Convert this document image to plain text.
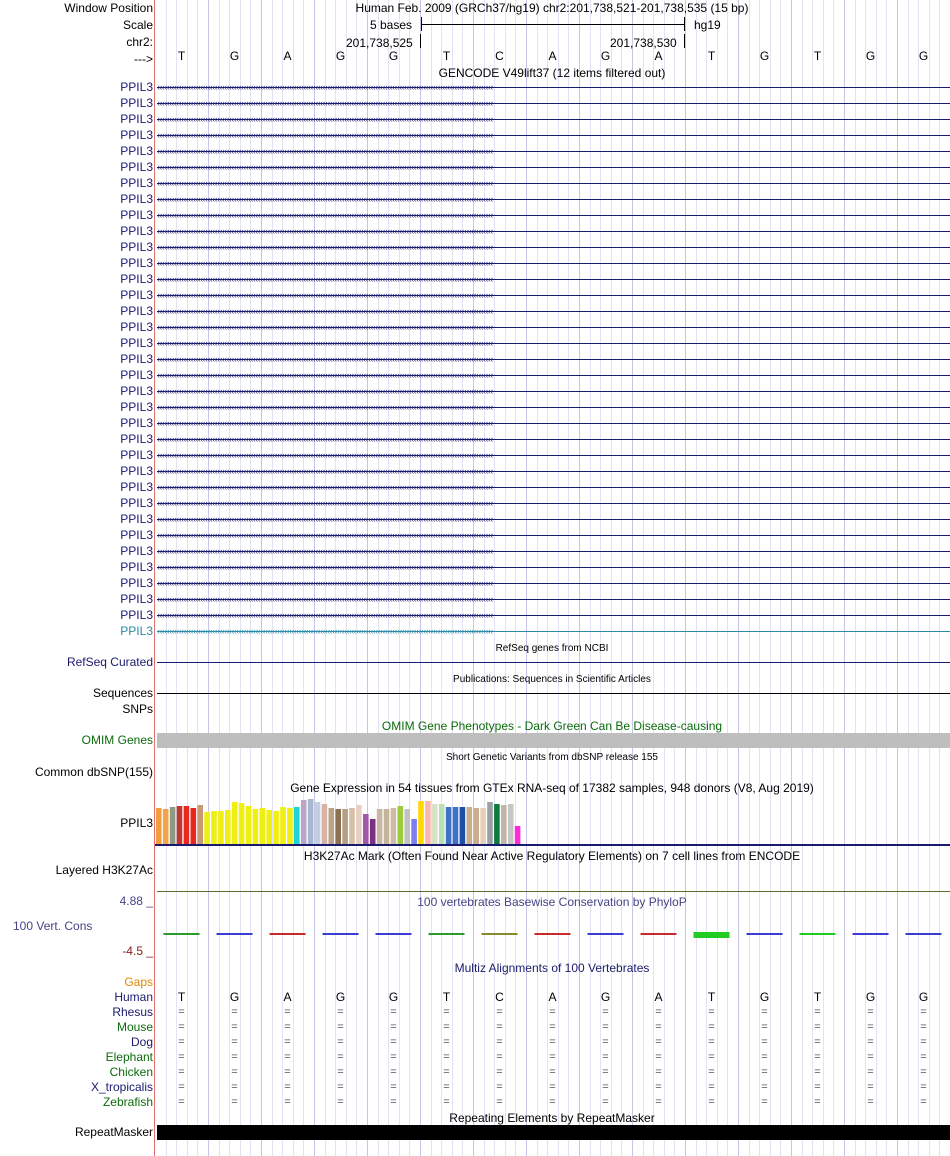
Window Position
Scale
chr2:
--->
Human Feb. 2009 (GRCh37/hg19) chr2:201,738,521-201,738,535 (15 bp)
5 bases	hg19
201,738,525	201,738,530
GENCODE V49lift37 (12 items filtered out)
RefSeq genes from NCBI
RefSeq Curated
Publications: Sequences in Scientific Articles
Sequences
SNPs
OMIM Gene Phenotypes - Dark Green Can Be Disease-causing
OMIM Genes
Short Genetic Variants from dbSNP release 155
Common dbSNP(155)
Gene Expression in 54 tissues from GTEx RNA-seq of 17382 samples, 948 donors (V8, Aug 2019)
PPIL3
H3K27Ac Mark (Often Found Near Active Regulatory Elements) on 7 cell lines from ENCODE
Layered H3K27Ac
4.88 _	100 vertebrates Basewise Conservation by PhyloP
100 Vert. Cons
-4.5 _
Multiz Alignments of 100 Vertebrates
Gaps
Repeating Elements by RepeatMasker
RepeatMasker
T	G	A	G	G	T	C	A	G	A	T	G	T	G	G
PPIL3 ‹‹‹‹‹‹‹‹‹‹‹‹‹‹‹‹‹‹‹‹‹‹‹‹‹‹‹‹‹‹‹‹‹‹‹‹‹‹‹‹‹‹‹‹‹‹‹‹‹‹‹‹‹‹‹‹‹‹‹‹‹‹‹‹‹‹‹‹‹‹‹‹‹‹‹‹‹‹‹‹‹‹‹‹‹‹‹‹‹‹‹‹‹‹‹‹‹‹‹‹‹‹‹‹‹‹‹‹‹‹‹‹‹‹‹‹‹‹‹‹‹‹‹‹‹‹‹‹‹‹‹‹‹‹‹‹‹‹‹‹
PPIL3 ‹‹‹‹‹‹‹‹‹‹‹‹‹‹‹‹‹‹‹‹‹‹‹‹‹‹‹‹‹‹‹‹‹‹‹‹‹‹‹‹‹‹‹‹‹‹‹‹‹‹‹‹‹‹‹‹‹‹‹‹‹‹‹‹‹‹‹‹‹‹‹‹‹‹‹‹‹‹‹‹‹‹‹‹‹‹‹‹‹‹‹‹‹‹‹‹‹‹‹‹‹‹‹‹‹‹‹‹‹‹‹‹‹‹‹‹‹‹‹‹‹‹‹‹‹‹‹‹‹‹‹‹‹‹‹‹‹‹‹‹
PPIL3 ‹‹‹‹‹‹‹‹‹‹‹‹‹‹‹‹‹‹‹‹‹‹‹‹‹‹‹‹‹‹‹‹‹‹‹‹‹‹‹‹‹‹‹‹‹‹‹‹‹‹‹‹‹‹‹‹‹‹‹‹‹‹‹‹‹‹‹‹‹‹‹‹‹‹‹‹‹‹‹‹‹‹‹‹‹‹‹‹‹‹‹‹‹‹‹‹‹‹‹‹‹‹‹‹‹‹‹‹‹‹‹‹‹‹‹‹‹‹‹‹‹‹‹‹‹‹‹‹‹‹‹‹‹‹‹‹‹‹‹‹
PPIL3 ‹‹‹‹‹‹‹‹‹‹‹‹‹‹‹‹‹‹‹‹‹‹‹‹‹‹‹‹‹‹‹‹‹‹‹‹‹‹‹‹‹‹‹‹‹‹‹‹‹‹‹‹‹‹‹‹‹‹‹‹‹‹‹‹‹‹‹‹‹‹‹‹‹‹‹‹‹‹‹‹‹‹‹‹‹‹‹‹‹‹‹‹‹‹‹‹‹‹‹‹‹‹‹‹‹‹‹‹‹‹‹‹‹‹‹‹‹‹‹‹‹‹‹‹‹‹‹‹‹‹‹‹‹‹‹‹‹‹‹‹
PPIL3 ‹‹‹‹‹‹‹‹‹‹‹‹‹‹‹‹‹‹‹‹‹‹‹‹‹‹‹‹‹‹‹‹‹‹‹‹‹‹‹‹‹‹‹‹‹‹‹‹‹‹‹‹‹‹‹‹‹‹‹‹‹‹‹‹‹‹‹‹‹‹‹‹‹‹‹‹‹‹‹‹‹‹‹‹‹‹‹‹‹‹‹‹‹‹‹‹‹‹‹‹‹‹‹‹‹‹‹‹‹‹‹‹‹‹‹‹‹‹‹‹‹‹‹‹‹‹‹‹‹‹‹‹‹‹‹‹‹‹‹‹
PPIL3 ‹‹‹‹‹‹‹‹‹‹‹‹‹‹‹‹‹‹‹‹‹‹‹‹‹‹‹‹‹‹‹‹‹‹‹‹‹‹‹‹‹‹‹‹‹‹‹‹‹‹‹‹‹‹‹‹‹‹‹‹‹‹‹‹‹‹‹‹‹‹‹‹‹‹‹‹‹‹‹‹‹‹‹‹‹‹‹‹‹‹‹‹‹‹‹‹‹‹‹‹‹‹‹‹‹‹‹‹‹‹‹‹‹‹‹‹‹‹‹‹‹‹‹‹‹‹‹‹‹‹‹‹‹‹‹‹‹‹‹‹
PPIL3 ‹‹‹‹‹‹‹‹‹‹‹‹‹‹‹‹‹‹‹‹‹‹‹‹‹‹‹‹‹‹‹‹‹‹‹‹‹‹‹‹‹‹‹‹‹‹‹‹‹‹‹‹‹‹‹‹‹‹‹‹‹‹‹‹‹‹‹‹‹‹‹‹‹‹‹‹‹‹‹‹‹‹‹‹‹‹‹‹‹‹‹‹‹‹‹‹‹‹‹‹‹‹‹‹‹‹‹‹‹‹‹‹‹‹‹‹‹‹‹‹‹‹‹‹‹‹‹‹‹‹‹‹‹‹‹‹‹‹‹‹
PPIL3 ‹‹‹‹‹‹‹‹‹‹‹‹‹‹‹‹‹‹‹‹‹‹‹‹‹‹‹‹‹‹‹‹‹‹‹‹‹‹‹‹‹‹‹‹‹‹‹‹‹‹‹‹‹‹‹‹‹‹‹‹‹‹‹‹‹‹‹‹‹‹‹‹‹‹‹‹‹‹‹‹‹‹‹‹‹‹‹‹‹‹‹‹‹‹‹‹‹‹‹‹‹‹‹‹‹‹‹‹‹‹‹‹‹‹‹‹‹‹‹‹‹‹‹‹‹‹‹‹‹‹‹‹‹‹‹‹‹‹‹‹
PPIL3 ‹‹‹‹‹‹‹‹‹‹‹‹‹‹‹‹‹‹‹‹‹‹‹‹‹‹‹‹‹‹‹‹‹‹‹‹‹‹‹‹‹‹‹‹‹‹‹‹‹‹‹‹‹‹‹‹‹‹‹‹‹‹‹‹‹‹‹‹‹‹‹‹‹‹‹‹‹‹‹‹‹‹‹‹‹‹‹‹‹‹‹‹‹‹‹‹‹‹‹‹‹‹‹‹‹‹‹‹‹‹‹‹‹‹‹‹‹‹‹‹‹‹‹‹‹‹‹‹‹‹‹‹‹‹‹‹‹‹‹‹
PPIL3 ‹‹‹‹‹‹‹‹‹‹‹‹‹‹‹‹‹‹‹‹‹‹‹‹‹‹‹‹‹‹‹‹‹‹‹‹‹‹‹‹‹‹‹‹‹‹‹‹‹‹‹‹‹‹‹‹‹‹‹‹‹‹‹‹‹‹‹‹‹‹‹‹‹‹‹‹‹‹‹‹‹‹‹‹‹‹‹‹‹‹‹‹‹‹‹‹‹‹‹‹‹‹‹‹‹‹‹‹‹‹‹‹‹‹‹‹‹‹‹‹‹‹‹‹‹‹‹‹‹‹‹‹‹‹‹‹‹‹‹‹
PPIL3 ‹‹‹‹‹‹‹‹‹‹‹‹‹‹‹‹‹‹‹‹‹‹‹‹‹‹‹‹‹‹‹‹‹‹‹‹‹‹‹‹‹‹‹‹‹‹‹‹‹‹‹‹‹‹‹‹‹‹‹‹‹‹‹‹‹‹‹‹‹‹‹‹‹‹‹‹‹‹‹‹‹‹‹‹‹‹‹‹‹‹‹‹‹‹‹‹‹‹‹‹‹‹‹‹‹‹‹‹‹‹‹‹‹‹‹‹‹‹‹‹‹‹‹‹‹‹‹‹‹‹‹‹‹‹‹‹‹‹‹‹
PPIL3 ‹‹‹‹‹‹‹‹‹‹‹‹‹‹‹‹‹‹‹‹‹‹‹‹‹‹‹‹‹‹‹‹‹‹‹‹‹‹‹‹‹‹‹‹‹‹‹‹‹‹‹‹‹‹‹‹‹‹‹‹‹‹‹‹‹‹‹‹‹‹‹‹‹‹‹‹‹‹‹‹‹‹‹‹‹‹‹‹‹‹‹‹‹‹‹‹‹‹‹‹‹‹‹‹‹‹‹‹‹‹‹‹‹‹‹‹‹‹‹‹‹‹‹‹‹‹‹‹‹‹‹‹‹‹‹‹‹‹‹‹
PPIL3 ‹‹‹‹‹‹‹‹‹‹‹‹‹‹‹‹‹‹‹‹‹‹‹‹‹‹‹‹‹‹‹‹‹‹‹‹‹‹‹‹‹‹‹‹‹‹‹‹‹‹‹‹‹‹‹‹‹‹‹‹‹‹‹‹‹‹‹‹‹‹‹‹‹‹‹‹‹‹‹‹‹‹‹‹‹‹‹‹‹‹‹‹‹‹‹‹‹‹‹‹‹‹‹‹‹‹‹‹‹‹‹‹‹‹‹‹‹‹‹‹‹‹‹‹‹‹‹‹‹‹‹‹‹‹‹‹‹‹‹‹
PPIL3 ‹‹‹‹‹‹‹‹‹‹‹‹‹‹‹‹‹‹‹‹‹‹‹‹‹‹‹‹‹‹‹‹‹‹‹‹‹‹‹‹‹‹‹‹‹‹‹‹‹‹‹‹‹‹‹‹‹‹‹‹‹‹‹‹‹‹‹‹‹‹‹‹‹‹‹‹‹‹‹‹‹‹‹‹‹‹‹‹‹‹‹‹‹‹‹‹‹‹‹‹‹‹‹‹‹‹‹‹‹‹‹‹‹‹‹‹‹‹‹‹‹‹‹‹‹‹‹‹‹‹‹‹‹‹‹‹‹‹‹‹
PPIL3 ‹‹‹‹‹‹‹‹‹‹‹‹‹‹‹‹‹‹‹‹‹‹‹‹‹‹‹‹‹‹‹‹‹‹‹‹‹‹‹‹‹‹‹‹‹‹‹‹‹‹‹‹‹‹‹‹‹‹‹‹‹‹‹‹‹‹‹‹‹‹‹‹‹‹‹‹‹‹‹‹‹‹‹‹‹‹‹‹‹‹‹‹‹‹‹‹‹‹‹‹‹‹‹‹‹‹‹‹‹‹‹‹‹‹‹‹‹‹‹‹‹‹‹‹‹‹‹‹‹‹‹‹‹‹‹‹‹‹‹‹
PPIL3 ‹‹‹‹‹‹‹‹‹‹‹‹‹‹‹‹‹‹‹‹‹‹‹‹‹‹‹‹‹‹‹‹‹‹‹‹‹‹‹‹‹‹‹‹‹‹‹‹‹‹‹‹‹‹‹‹‹‹‹‹‹‹‹‹‹‹‹‹‹‹‹‹‹‹‹‹‹‹‹‹‹‹‹‹‹‹‹‹‹‹‹‹‹‹‹‹‹‹‹‹‹‹‹‹‹‹‹‹‹‹‹‹‹‹‹‹‹‹‹‹‹‹‹‹‹‹‹‹‹‹‹‹‹‹‹‹‹‹‹‹
PPIL3 ‹‹‹‹‹‹‹‹‹‹‹‹‹‹‹‹‹‹‹‹‹‹‹‹‹‹‹‹‹‹‹‹‹‹‹‹‹‹‹‹‹‹‹‹‹‹‹‹‹‹‹‹‹‹‹‹‹‹‹‹‹‹‹‹‹‹‹‹‹‹‹‹‹‹‹‹‹‹‹‹‹‹‹‹‹‹‹‹‹‹‹‹‹‹‹‹‹‹‹‹‹‹‹‹‹‹‹‹‹‹‹‹‹‹‹‹‹‹‹‹‹‹‹‹‹‹‹‹‹‹‹‹‹‹‹‹‹‹‹‹
PPIL3 ‹‹‹‹‹‹‹‹‹‹‹‹‹‹‹‹‹‹‹‹‹‹‹‹‹‹‹‹‹‹‹‹‹‹‹‹‹‹‹‹‹‹‹‹‹‹‹‹‹‹‹‹‹‹‹‹‹‹‹‹‹‹‹‹‹‹‹‹‹‹‹‹‹‹‹‹‹‹‹‹‹‹‹‹‹‹‹‹‹‹‹‹‹‹‹‹‹‹‹‹‹‹‹‹‹‹‹‹‹‹‹‹‹‹‹‹‹‹‹‹‹‹‹‹‹‹‹‹‹‹‹‹‹‹‹‹‹‹‹‹
PPIL3 ‹‹‹‹‹‹‹‹‹‹‹‹‹‹‹‹‹‹‹‹‹‹‹‹‹‹‹‹‹‹‹‹‹‹‹‹‹‹‹‹‹‹‹‹‹‹‹‹‹‹‹‹‹‹‹‹‹‹‹‹‹‹‹‹‹‹‹‹‹‹‹‹‹‹‹‹‹‹‹‹‹‹‹‹‹‹‹‹‹‹‹‹‹‹‹‹‹‹‹‹‹‹‹‹‹‹‹‹‹‹‹‹‹‹‹‹‹‹‹‹‹‹‹‹‹‹‹‹‹‹‹‹‹‹‹‹‹‹‹‹
PPIL3 ‹‹‹‹‹‹‹‹‹‹‹‹‹‹‹‹‹‹‹‹‹‹‹‹‹‹‹‹‹‹‹‹‹‹‹‹‹‹‹‹‹‹‹‹‹‹‹‹‹‹‹‹‹‹‹‹‹‹‹‹‹‹‹‹‹‹‹‹‹‹‹‹‹‹‹‹‹‹‹‹‹‹‹‹‹‹‹‹‹‹‹‹‹‹‹‹‹‹‹‹‹‹‹‹‹‹‹‹‹‹‹‹‹‹‹‹‹‹‹‹‹‹‹‹‹‹‹‹‹‹‹‹‹‹‹‹‹‹‹‹
PPIL3 ‹‹‹‹‹‹‹‹‹‹‹‹‹‹‹‹‹‹‹‹‹‹‹‹‹‹‹‹‹‹‹‹‹‹‹‹‹‹‹‹‹‹‹‹‹‹‹‹‹‹‹‹‹‹‹‹‹‹‹‹‹‹‹‹‹‹‹‹‹‹‹‹‹‹‹‹‹‹‹‹‹‹‹‹‹‹‹‹‹‹‹‹‹‹‹‹‹‹‹‹‹‹‹‹‹‹‹‹‹‹‹‹‹‹‹‹‹‹‹‹‹‹‹‹‹‹‹‹‹‹‹‹‹‹‹‹‹‹‹‹
PPIL3 ‹‹‹‹‹‹‹‹‹‹‹‹‹‹‹‹‹‹‹‹‹‹‹‹‹‹‹‹‹‹‹‹‹‹‹‹‹‹‹‹‹‹‹‹‹‹‹‹‹‹‹‹‹‹‹‹‹‹‹‹‹‹‹‹‹‹‹‹‹‹‹‹‹‹‹‹‹‹‹‹‹‹‹‹‹‹‹‹‹‹‹‹‹‹‹‹‹‹‹‹‹‹‹‹‹‹‹‹‹‹‹‹‹‹‹‹‹‹‹‹‹‹‹‹‹‹‹‹‹‹‹‹‹‹‹‹‹‹‹‹
PPIL3 ‹‹‹‹‹‹‹‹‹‹‹‹‹‹‹‹‹‹‹‹‹‹‹‹‹‹‹‹‹‹‹‹‹‹‹‹‹‹‹‹‹‹‹‹‹‹‹‹‹‹‹‹‹‹‹‹‹‹‹‹‹‹‹‹‹‹‹‹‹‹‹‹‹‹‹‹‹‹‹‹‹‹‹‹‹‹‹‹‹‹‹‹‹‹‹‹‹‹‹‹‹‹‹‹‹‹‹‹‹‹‹‹‹‹‹‹‹‹‹‹‹‹‹‹‹‹‹‹‹‹‹‹‹‹‹‹‹‹‹‹
PPIL3 ‹‹‹‹‹‹‹‹‹‹‹‹‹‹‹‹‹‹‹‹‹‹‹‹‹‹‹‹‹‹‹‹‹‹‹‹‹‹‹‹‹‹‹‹‹‹‹‹‹‹‹‹‹‹‹‹‹‹‹‹‹‹‹‹‹‹‹‹‹‹‹‹‹‹‹‹‹‹‹‹‹‹‹‹‹‹‹‹‹‹‹‹‹‹‹‹‹‹‹‹‹‹‹‹‹‹‹‹‹‹‹‹‹‹‹‹‹‹‹‹‹‹‹‹‹‹‹‹‹‹‹‹‹‹‹‹‹‹‹‹
PPIL3 ‹‹‹‹‹‹‹‹‹‹‹‹‹‹‹‹‹‹‹‹‹‹‹‹‹‹‹‹‹‹‹‹‹‹‹‹‹‹‹‹‹‹‹‹‹‹‹‹‹‹‹‹‹‹‹‹‹‹‹‹‹‹‹‹‹‹‹‹‹‹‹‹‹‹‹‹‹‹‹‹‹‹‹‹‹‹‹‹‹‹‹‹‹‹‹‹‹‹‹‹‹‹‹‹‹‹‹‹‹‹‹‹‹‹‹‹‹‹‹‹‹‹‹‹‹‹‹‹‹‹‹‹‹‹‹‹‹‹‹‹
PPIL3 ‹‹‹‹‹‹‹‹‹‹‹‹‹‹‹‹‹‹‹‹‹‹‹‹‹‹‹‹‹‹‹‹‹‹‹‹‹‹‹‹‹‹‹‹‹‹‹‹‹‹‹‹‹‹‹‹‹‹‹‹‹‹‹‹‹‹‹‹‹‹‹‹‹‹‹‹‹‹‹‹‹‹‹‹‹‹‹‹‹‹‹‹‹‹‹‹‹‹‹‹‹‹‹‹‹‹‹‹‹‹‹‹‹‹‹‹‹‹‹‹‹‹‹‹‹‹‹‹‹‹‹‹‹‹‹‹‹‹‹‹
PPIL3 ‹‹‹‹‹‹‹‹‹‹‹‹‹‹‹‹‹‹‹‹‹‹‹‹‹‹‹‹‹‹‹‹‹‹‹‹‹‹‹‹‹‹‹‹‹‹‹‹‹‹‹‹‹‹‹‹‹‹‹‹‹‹‹‹‹‹‹‹‹‹‹‹‹‹‹‹‹‹‹‹‹‹‹‹‹‹‹‹‹‹‹‹‹‹‹‹‹‹‹‹‹‹‹‹‹‹‹‹‹‹‹‹‹‹‹‹‹‹‹‹‹‹‹‹‹‹‹‹‹‹‹‹‹‹‹‹‹‹‹‹
PPIL3 ‹‹‹‹‹‹‹‹‹‹‹‹‹‹‹‹‹‹‹‹‹‹‹‹‹‹‹‹‹‹‹‹‹‹‹‹‹‹‹‹‹‹‹‹‹‹‹‹‹‹‹‹‹‹‹‹‹‹‹‹‹‹‹‹‹‹‹‹‹‹‹‹‹‹‹‹‹‹‹‹‹‹‹‹‹‹‹‹‹‹‹‹‹‹‹‹‹‹‹‹‹‹‹‹‹‹‹‹‹‹‹‹‹‹‹‹‹‹‹‹‹‹‹‹‹‹‹‹‹‹‹‹‹‹‹‹‹‹‹‹
PPIL3 ‹‹‹‹‹‹‹‹‹‹‹‹‹‹‹‹‹‹‹‹‹‹‹‹‹‹‹‹‹‹‹‹‹‹‹‹‹‹‹‹‹‹‹‹‹‹‹‹‹‹‹‹‹‹‹‹‹‹‹‹‹‹‹‹‹‹‹‹‹‹‹‹‹‹‹‹‹‹‹‹‹‹‹‹‹‹‹‹‹‹‹‹‹‹‹‹‹‹‹‹‹‹‹‹‹‹‹‹‹‹‹‹‹‹‹‹‹‹‹‹‹‹‹‹‹‹‹‹‹‹‹‹‹‹‹‹‹‹‹‹
PPIL3 ‹‹‹‹‹‹‹‹‹‹‹‹‹‹‹‹‹‹‹‹‹‹‹‹‹‹‹‹‹‹‹‹‹‹‹‹‹‹‹‹‹‹‹‹‹‹‹‹‹‹‹‹‹‹‹‹‹‹‹‹‹‹‹‹‹‹‹‹‹‹‹‹‹‹‹‹‹‹‹‹‹‹‹‹‹‹‹‹‹‹‹‹‹‹‹‹‹‹‹‹‹‹‹‹‹‹‹‹‹‹‹‹‹‹‹‹‹‹‹‹‹‹‹‹‹‹‹‹‹‹‹‹‹‹‹‹‹‹‹‹
PPIL3 ‹‹‹‹‹‹‹‹‹‹‹‹‹‹‹‹‹‹‹‹‹‹‹‹‹‹‹‹‹‹‹‹‹‹‹‹‹‹‹‹‹‹‹‹‹‹‹‹‹‹‹‹‹‹‹‹‹‹‹‹‹‹‹‹‹‹‹‹‹‹‹‹‹‹‹‹‹‹‹‹‹‹‹‹‹‹‹‹‹‹‹‹‹‹‹‹‹‹‹‹‹‹‹‹‹‹‹‹‹‹‹‹‹‹‹‹‹‹‹‹‹‹‹‹‹‹‹‹‹‹‹‹‹‹‹‹‹‹‹‹
PPIL3 ‹‹‹‹‹‹‹‹‹‹‹‹‹‹‹‹‹‹‹‹‹‹‹‹‹‹‹‹‹‹‹‹‹‹‹‹‹‹‹‹‹‹‹‹‹‹‹‹‹‹‹‹‹‹‹‹‹‹‹‹‹‹‹‹‹‹‹‹‹‹‹‹‹‹‹‹‹‹‹‹‹‹‹‹‹‹‹‹‹‹‹‹‹‹‹‹‹‹‹‹‹‹‹‹‹‹‹‹‹‹‹‹‹‹‹‹‹‹‹‹‹‹‹‹‹‹‹‹‹‹‹‹‹‹‹‹‹‹‹‹
PPIL3 ‹‹‹‹‹‹‹‹‹‹‹‹‹‹‹‹‹‹‹‹‹‹‹‹‹‹‹‹‹‹‹‹‹‹‹‹‹‹‹‹‹‹‹‹‹‹‹‹‹‹‹‹‹‹‹‹‹‹‹‹‹‹‹‹‹‹‹‹‹‹‹‹‹‹‹‹‹‹‹‹‹‹‹‹‹‹‹‹‹‹‹‹‹‹‹‹‹‹‹‹‹‹‹‹‹‹‹‹‹‹‹‹‹‹‹‹‹‹‹‹‹‹‹‹‹‹‹‹‹‹‹‹‹‹‹‹‹‹‹‹
PPIL3 ‹‹‹‹‹‹‹‹‹‹‹‹‹‹‹‹‹‹‹‹‹‹‹‹‹‹‹‹‹‹‹‹‹‹‹‹‹‹‹‹‹‹‹‹‹‹‹‹‹‹‹‹‹‹‹‹‹‹‹‹‹‹‹‹‹‹‹‹‹‹‹‹‹‹‹‹‹‹‹‹‹‹‹‹‹‹‹‹‹‹‹‹‹‹‹‹‹‹‹‹‹‹‹‹‹‹‹‹‹‹‹‹‹‹‹‹‹‹‹‹‹‹‹‹‹‹‹‹‹‹‹‹‹‹‹‹‹‹‹‹
PPIL3 ‹‹‹‹‹‹‹‹‹‹‹‹‹‹‹‹‹‹‹‹‹‹‹‹‹‹‹‹‹‹‹‹‹‹‹‹‹‹‹‹‹‹‹‹‹‹‹‹‹‹‹‹‹‹‹‹‹‹‹‹‹‹‹‹‹‹‹‹‹‹‹‹‹‹‹‹‹‹‹‹‹‹‹‹‹‹‹‹‹‹‹‹‹‹‹‹‹‹‹‹‹‹‹‹‹‹‹‹‹‹‹‹‹‹‹‹‹‹‹‹‹‹‹‹‹‹‹‹‹‹‹‹‹‹‹‹‹‹‹‹
Human T	G	A	G	G	T	C	A	G	A	T	G	T	G	G
Rhesus =	=	=	=	=	=	=	=	=	=	=	=	=	=	=
Mouse =	=	=	=	=	=	=	=	=	=	=	=	=	=	=
Dog =	=	=	=	=	=	=	=	=	=	=	=	=	=	=
Elephant =	=	=	=	=	=	=	=	=	=	=	=	=	=	=
Chicken =	=	=	=	=	=	=	=	=	=	=	=	=	=	=
X_tropicalis =	=	=	=	=	=	=	=	=	=	=	=	=	=	=
Zebrafish =	=	=	=	=	=	=	=	=	=	=	=	=	=	=
